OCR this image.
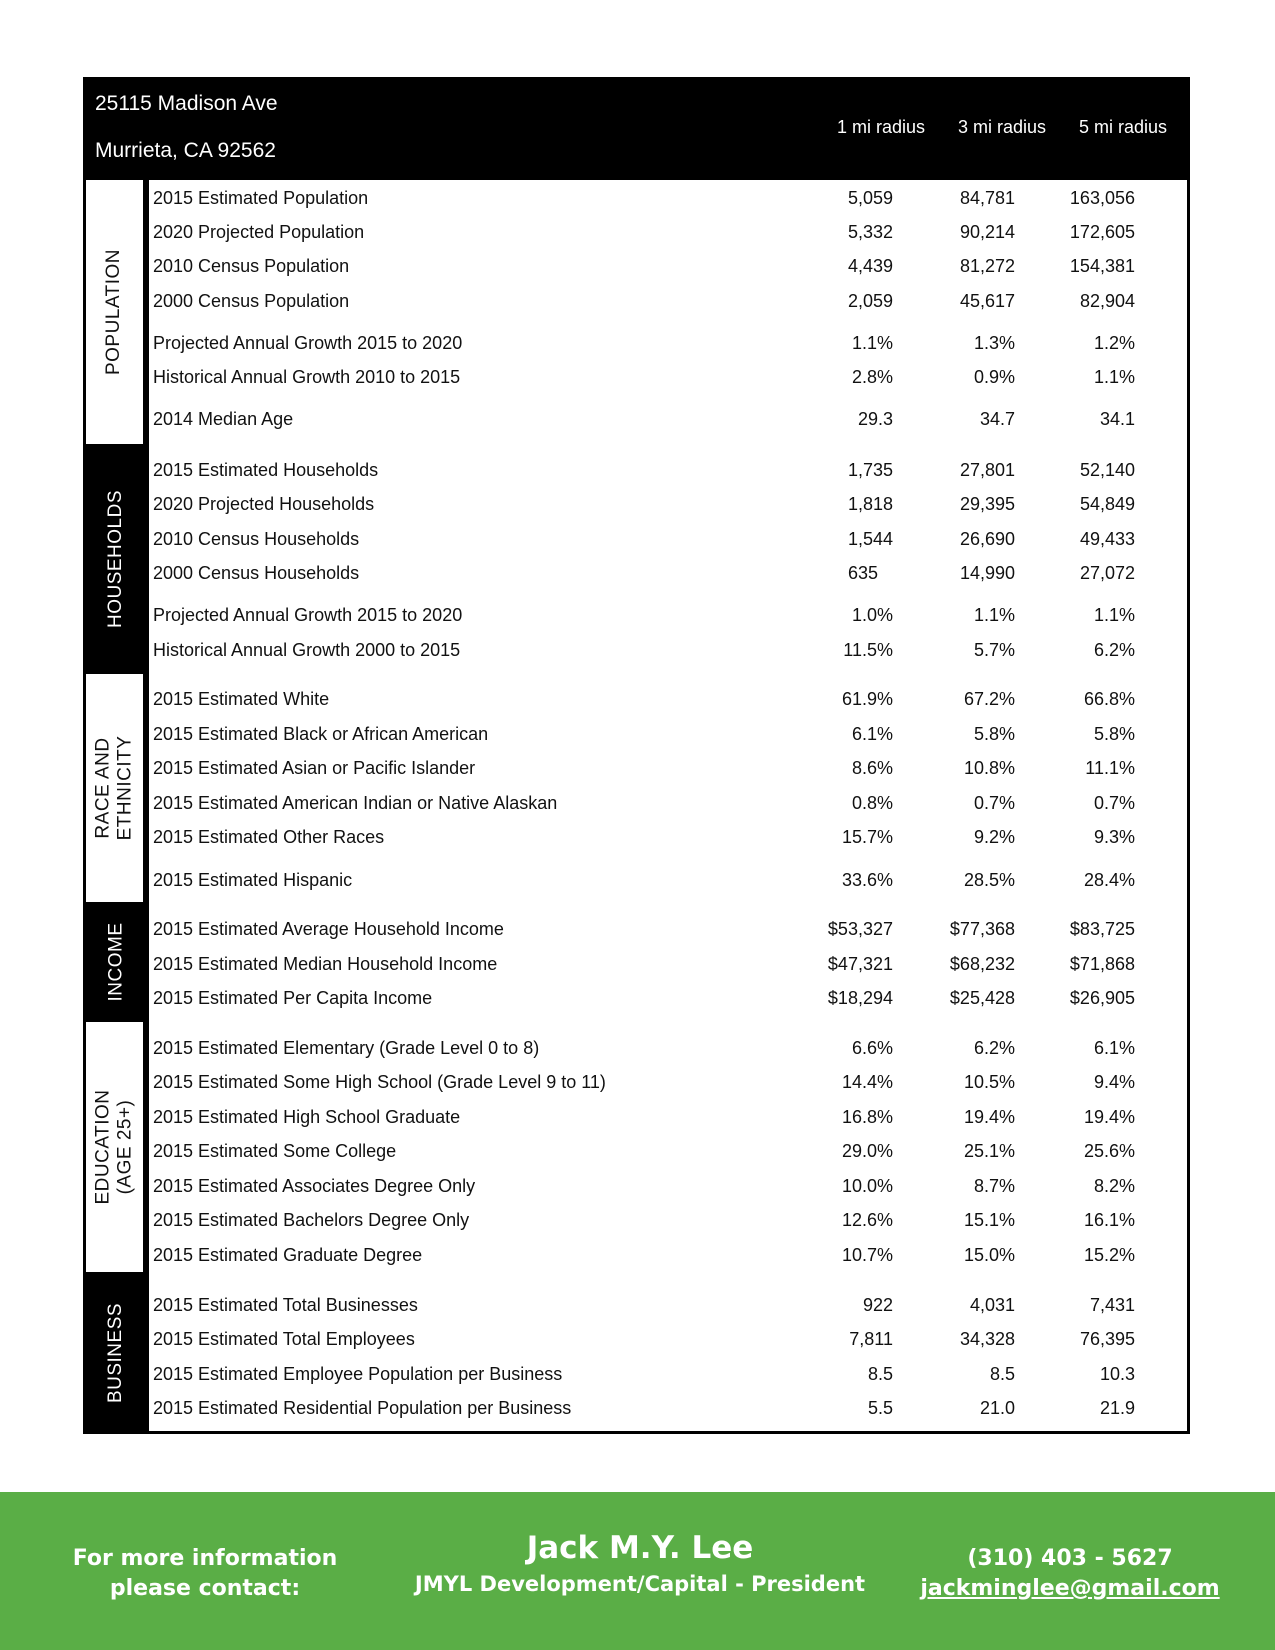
25115 Madison Ave
Murrieta, CA 92562
1 mi radius	3 mi radius	5 mi radius
POPULATION
HOUSEHOLDS
RACE AND ETHNICITY
INCOME
EDUCATION (AGE 25+)
BUSINESS
2015 Estimated Population	5,059	84,781	163,056
2020 Projected Population	5,332	90,214	172,605
2010 Census Population	4,439	81,272	154,381
2000 Census Population	2,059	45,617	82,904
Projected Annual Growth 2015 to 2020	1.1%	1.3%	1.2%
Historical Annual Growth 2010 to 2015	2.8%	0.9%	1.1%
2014 Median Age	29.3	34.7	34.1
2015 Estimated Households	1,735	27,801	52,140
2020 Projected Households	1,818	29,395	54,849
2010 Census Households	1,544	26,690	49,433
2000 Census Households	635	14,990	27,072
Projected Annual Growth 2015 to 2020	1.0%	1.1%	1.1%
Historical Annual Growth 2000 to 2015	11.5%	5.7%	6.2%
2015 Estimated White	61.9%	67.2%	66.8%
2015 Estimated Black or African American	6.1%	5.8%	5.8%
2015 Estimated Asian or Pacific Islander	8.6%	10.8%	11.1%
2015 Estimated American Indian or Native Alaskan	0.8%	0.7%	0.7%
2015 Estimated Other Races	15.7%	9.2%	9.3%
2015 Estimated Hispanic	33.6%	28.5%	28.4%
2015 Estimated Average Household Income	$53,327	$77,368	$83,725
2015 Estimated Median Household Income	$47,321	$68,232	$71,868
2015 Estimated Per Capita Income	$18,294	$25,428	$26,905
2015 Estimated Elementary (Grade Level 0 to 8)	6.6%	6.2%	6.1%
2015 Estimated Some High School (Grade Level 9 to 11)	14.4%	10.5%	9.4%
2015 Estimated High School Graduate	16.8%	19.4%	19.4%
2015 Estimated Some College	29.0%	25.1%	25.6%
2015 Estimated Associates Degree Only	10.0%	8.7%	8.2%
2015 Estimated Bachelors Degree Only	12.6%	15.1%	16.1%
2015 Estimated Graduate Degree	10.7%	15.0%	15.2%
2015 Estimated Total Businesses	922	4,031	7,431
2015 Estimated Total Employees	7,811	34,328	76,395
2015 Estimated Employee Population per Business	8.5	8.5	10.3
2015 Estimated Residential Population per Business	5.5	21.0	21.9
For more information
please contact:
Jack M.Y. Lee
JMYL Development/Capital - President
(310) 403 - 5627
jackminglee@gmail.com
